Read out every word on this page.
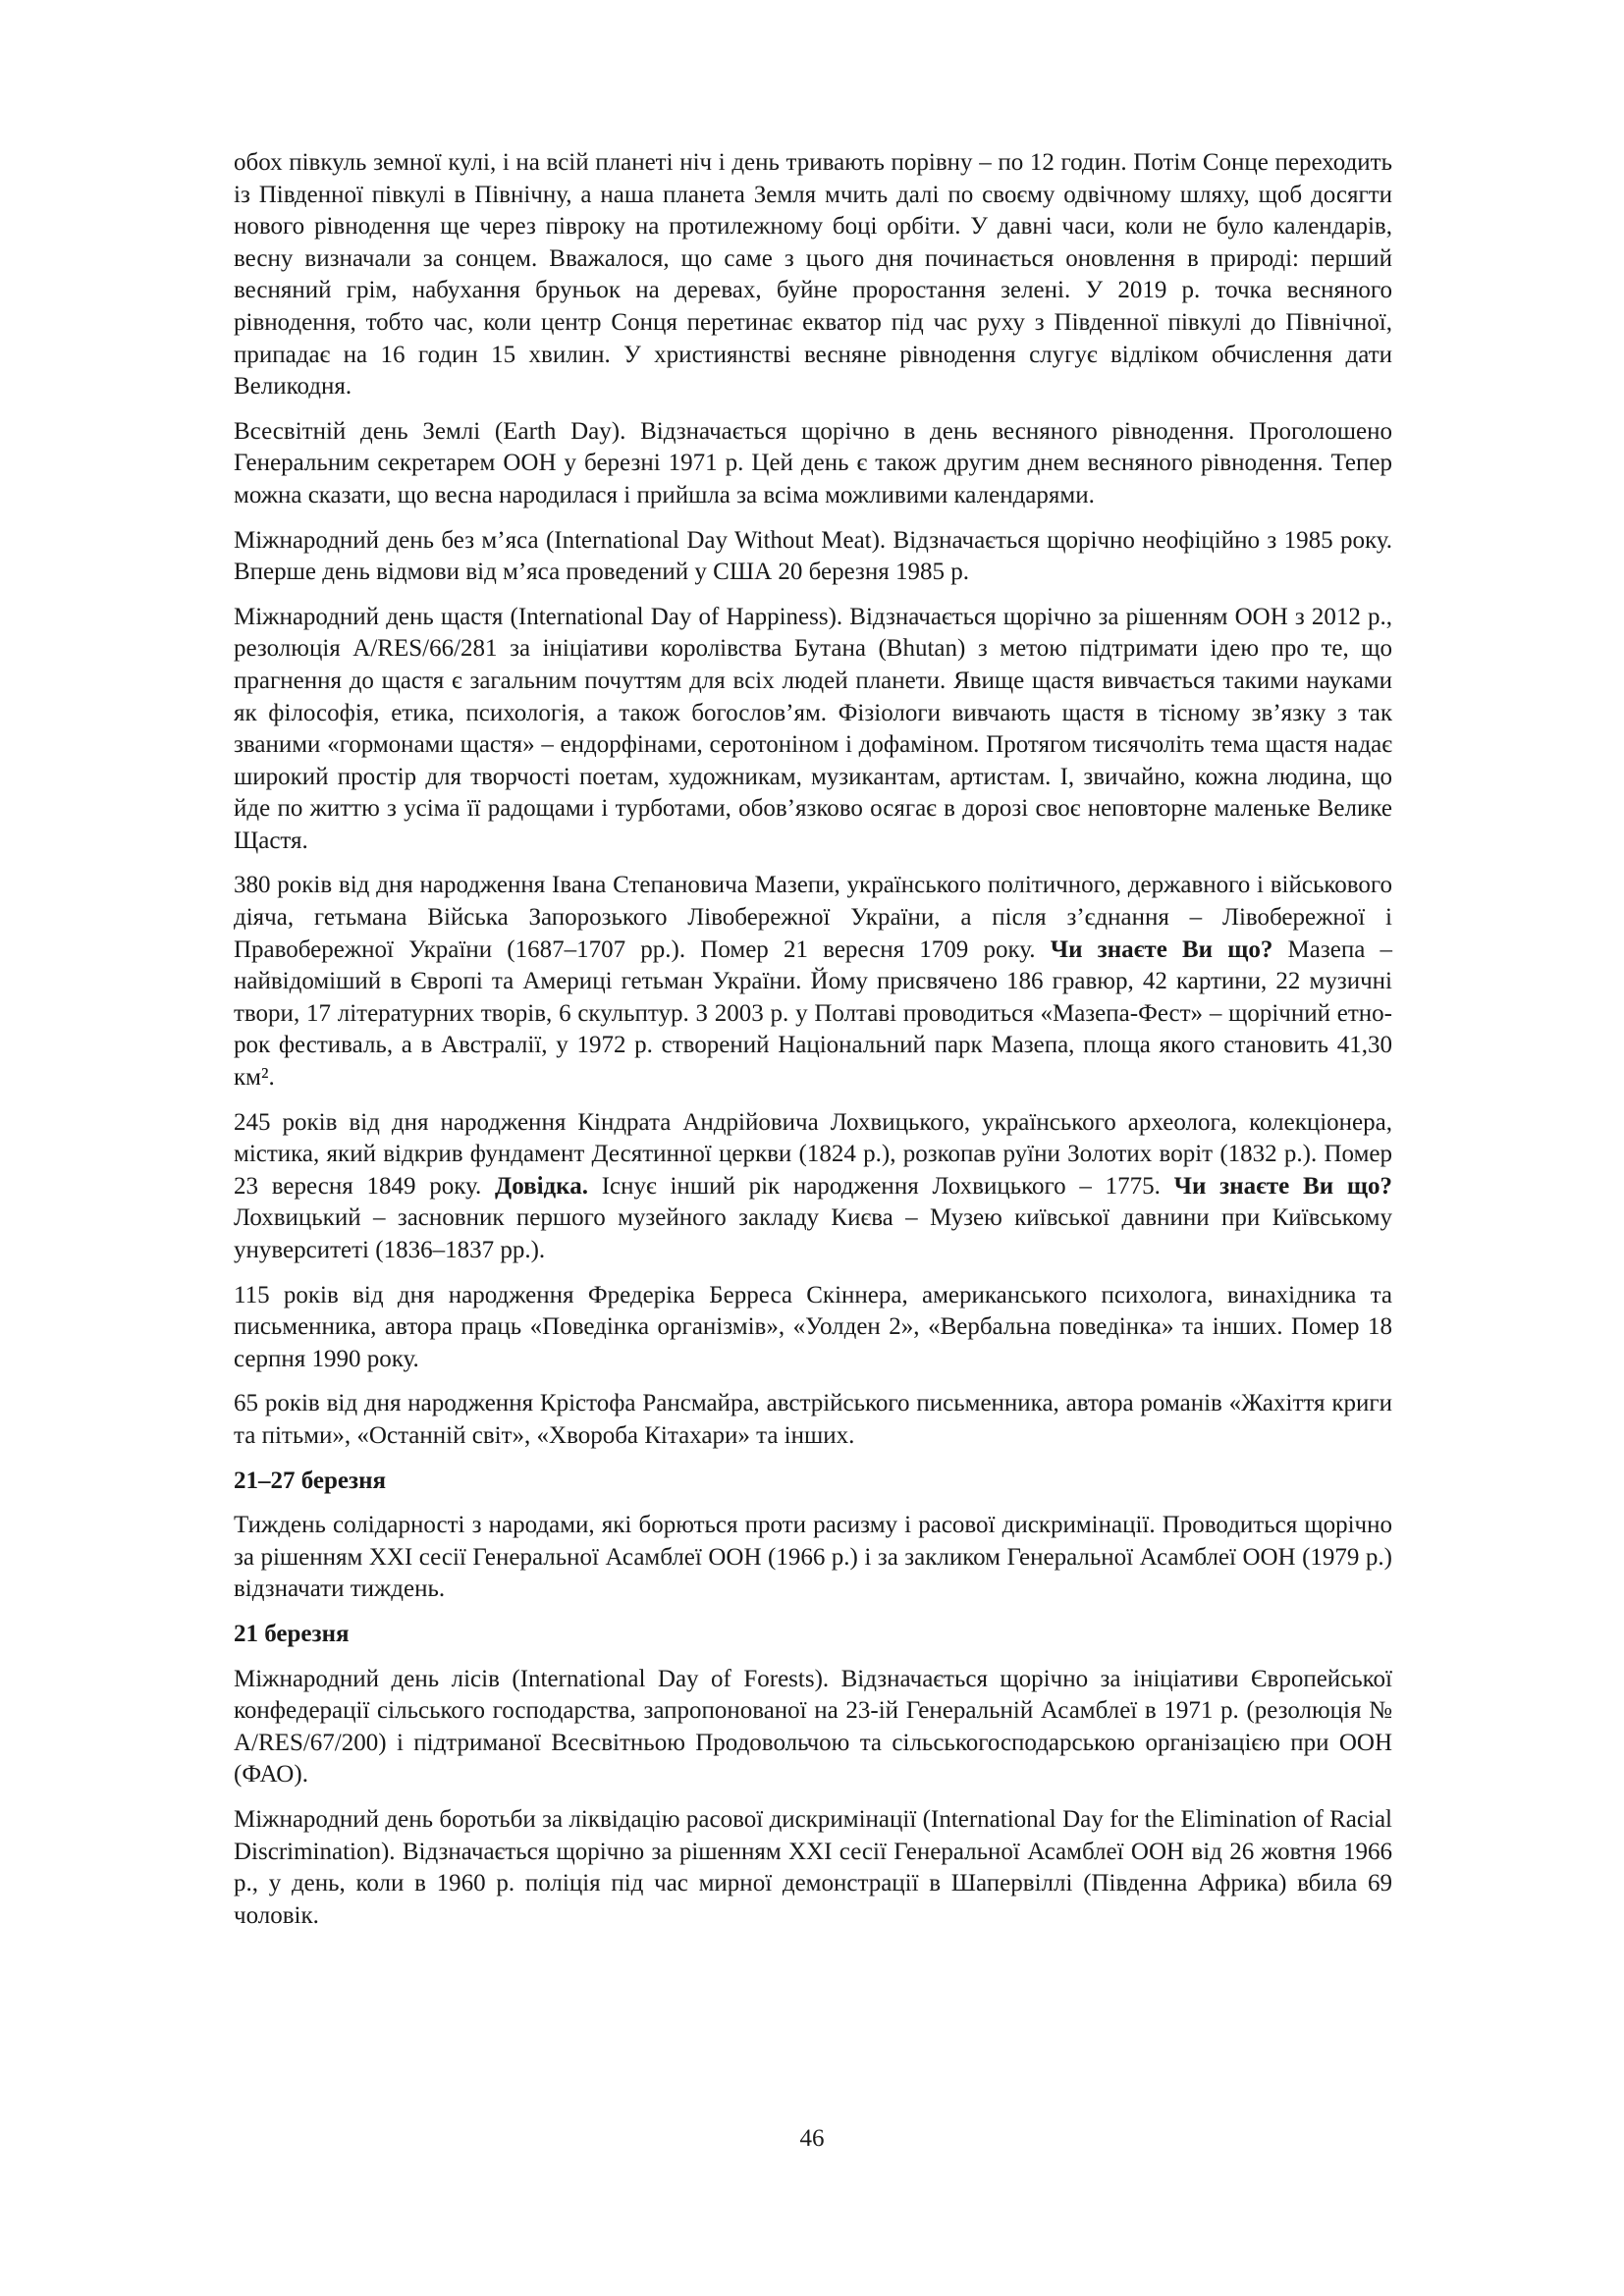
обох півкуль земної кулі, і на всій планеті ніч і день тривають порівну – по 12 годин. Потім Сонце переходить із Південної півкулі в Північну, а наша планета Земля мчить далі по своєму одвічному шляху, щоб досягти нового рівнодення ще через півроку на протилежному боці орбіти. У давні часи, коли не було календарів, весну визначали за сонцем. Вважалося, що саме з цього дня починається оновлення в природі: перший весняний грім, набухання бруньок на деревах, буйне проростання зелені. У 2019 р. точка весняного рівнодення, тобто час, коли центр Сонця перетинає екватор під час руху з Південної півкулі до Північної, припадає на 16 годин 15 хвилин. У християнстві весняне рівнодення слугує відліком обчислення дати Великодня.

Всесвітній день Землі (Earth Day). Відзначається щорічно в день весняного рівнодення. Проголошено Генеральним секретарем ООН у березні 1971 р. Цей день є також другим днем весняного рівнодення. Тепер можна сказати, що весна народилася і прийшла за всіма можливими календарями.

Міжнародний день без м’яса (International Day Without Meat). Відзначається щорічно неофіційно з 1985 року. Вперше день відмови від м’яса проведений у США 20 березня 1985 р.

Міжнародний день щастя (International Day of Happiness). Відзначається щорічно за рішенням ООН з 2012 р., резолюція A/RES/66/281 за ініціативи королівства Бутана (Bhutan) з метою підтримати ідею про те, що прагнення до щастя є загальним почуттям для всіх людей планети. Явище щастя вивчається такими науками як філософія, етика, психологія, а також богослов’ям. Фізіологи вивчають щастя в тісному зв’язку з так званими «гормонами щастя» – ендорфінами, серотоніном і дофаміном. Протягом тисячоліть тема щастя надає широкий простір для творчості поетам, художникам, музикантам, артистам. І, звичайно, кожна людина, що йде по життю з усіма її радощами і турботами, обов’язково осягає в дорозі своє неповторне маленьке Велике Щастя.

380 років від дня народження Івана Степановича Мазепи, українського політичного, державного і військового діяча, гетьмана Війська Запорозького Лівобережної України, а після з’єднання – Лівобережної і Правобережної України (1687–1707 рр.). Помер 21 вересня 1709 року. Чи знаєте Ви що? Мазепа – найвідоміший в Європі та Америці гетьман України. Йому присвячено 186 гравюр, 42 картини, 22 музичні твори, 17 літературних творів, 6 скульптур. З 2003 р. у Полтаві проводиться «Мазепа-Фест» – щорічний етно-рок фестиваль, а в Австралії, у 1972 р. створений Національний парк Мазепа, площа якого становить 41,30 км².

245 років від дня народження Кіндрата Андрійовича Лохвицького, українського археолога, колекціонера, містика, який відкрив фундамент Десятинної церкви (1824 р.), розкопав руїни Золотих воріт (1832 р.). Помер 23 вересня 1849 року. Довідка. Існує інший рік народження Лохвицького – 1775. Чи знаєте Ви що? Лохвицький – засновник першого музейного закладу Києва – Музею київської давнини при Київському унуверситеті (1836–1837 рр.).

115 років від дня народження Фредеріка Берреса Скіннера, американського психолога, винахідника та письменника, автора праць «Поведінка організмів», «Уолден 2», «Вербальна поведінка» та інших. Помер 18 серпня 1990 року.

65 років від дня народження Крістофа Рансмайра, австрійського письменника, автора романів «Жахіття криги та пітьми», «Останній світ», «Хвороба Кітахари» та інших.

21–27 березня

Тиждень солідарності з народами, які борються проти расизму і расової дискримінації. Проводиться щорічно за рішенням ХХІ сесії Генеральної Асамблеї ООН (1966 р.) і за закликом Генеральної Асамблеї ООН (1979 р.) відзначати тиждень.

21 березня

Міжнародний день лісів (International Day of Forests). Відзначається щорічно за ініціативи Європейської конфедерації сільського господарства, запропонованої на 23-ій Генеральній Асамблеї в 1971 р. (резолюція № A/RES/67/200) і підтриманої Всесвітньою Продовольчою та сільськогосподарською організацією при ООН (ФАО).

Міжнародний день боротьби за ліквідацію расової дискримінації (International Day for the Elimination of Racial Discrimination). Відзначається щорічно за рішенням ХХІ сесії Генеральної Асамблеї ООН від 26 жовтня 1966 р., у день, коли в 1960 р. поліція під час мирної демонстрації в Шапервіллі (Південна Африка) вбила 69 чоловік.

46
